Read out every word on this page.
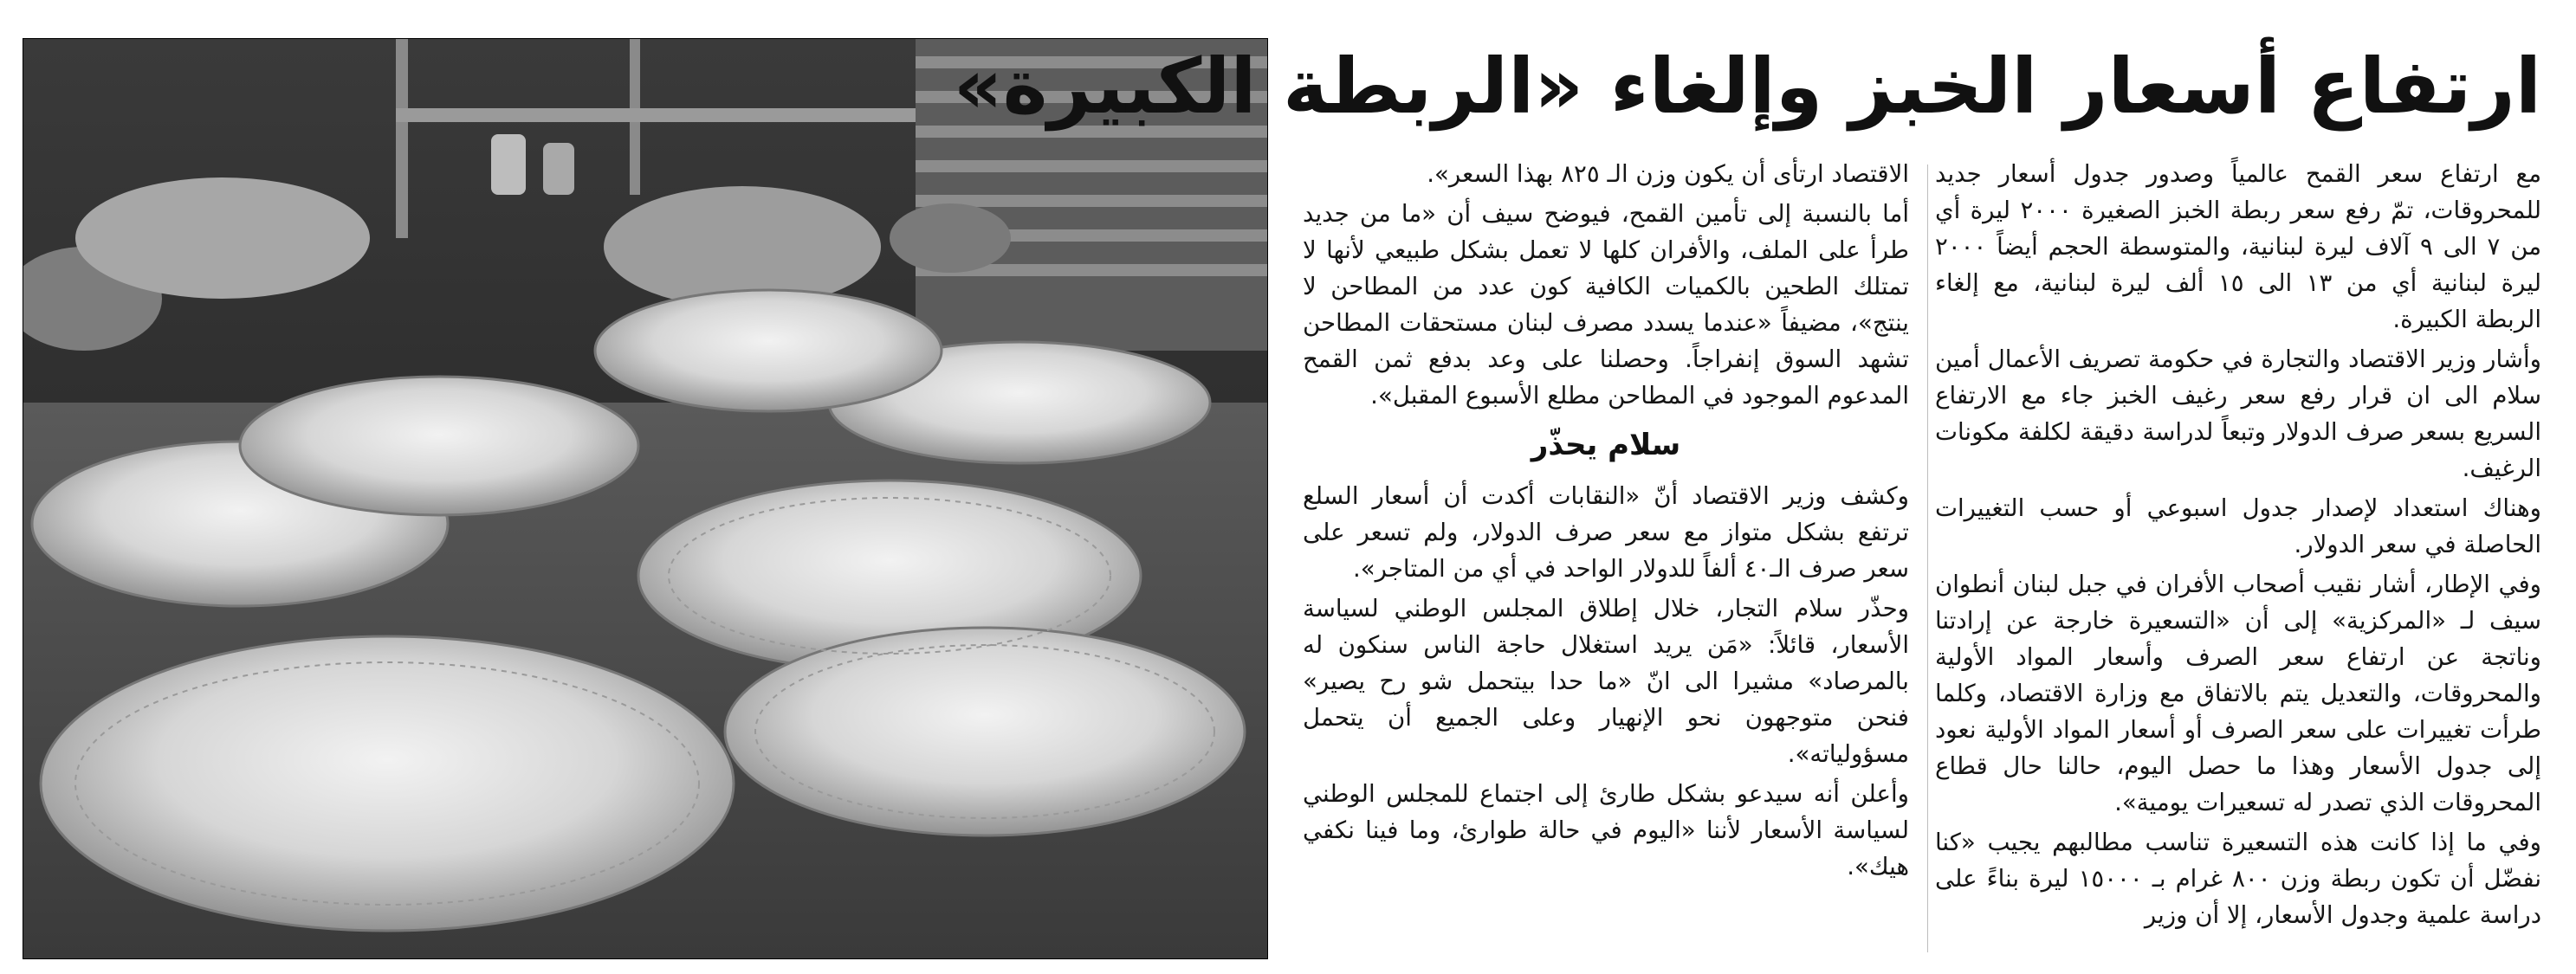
ارتفاع أسعار الخبز وإلغاء «الربطة الكبيرة»

مع ارتفاع سعر القمح عالمياً وصدور جدول أسعار جديد للمحروقات، تمّ رفع سعر ربطة الخبز الصغيرة ٢٠٠٠ ليرة أي من ٧ الى ٩ آلاف ليرة لبنانية، والمتوسطة الحجم أيضاً ٢٠٠٠ ليرة لبنانية أي من ١٣ الى ١٥ ألف ليرة لبنانية، مع إلغاء الربطة الكبيرة.

وأشار وزير الاقتصاد والتجارة في حكومة تصريف الأعمال أمين سلام الى ان قرار رفع سعر رغيف الخبز جاء مع الارتفاع السريع بسعر صرف الدولار وتبعاً لدراسة دقيقة لكلفة مكونات الرغيف.

وهناك استعداد لإصدار جدول اسبوعي أو حسب التغييرات الحاصلة في سعر الدولار.

وفي الإطار، أشار نقيب أصحاب الأفران في جبل لبنان أنطوان سيف لـ «المركزية» إلى أن «التسعيرة خارجة عن إرادتنا وناتجة عن ارتفاع سعر الصرف وأسعار المواد الأولية والمحروقات، والتعديل يتم بالاتفاق مع وزارة الاقتصاد، وكلما طرأت تغييرات على سعر الصرف أو أسعار المواد الأولية نعود إلى جدول الأسعار وهذا ما حصل اليوم، حالنا حال قطاع المحروقات الذي تصدر له تسعيرات يومية».

وفي ما إذا كانت هذه التسعيرة تناسب مطالبهم يجيب «كنا نفضّل أن تكون ربطة وزن ٨٠٠ غرام بـ ١٥٠٠٠ ليرة بناءً على دراسة علمية وجدول الأسعار، إلا أن وزير

الاقتصاد ارتأى أن يكون وزن الـ ٨٢٥ بهذا السعر».

أما بالنسبة إلى تأمين القمح، فيوضح سيف أن «ما من جديد طرأ على الملف، والأفران كلها لا تعمل بشكل طبيعي لأنها لا تمتلك الطحين بالكميات الكافية كون عدد من المطاحن لا ينتج»، مضيفاً «عندما يسدد مصرف لبنان مستحقات المطاحن تشهد السوق إنفراجاً. وحصلنا على وعد بدفع ثمن القمح المدعوم الموجود في المطاحن مطلع الأسبوع المقبل».

سلام يحذّر

وكشف وزير الاقتصاد أنّ «النقابات أكدت أن أسعار السلع ترتفع بشكل متواز مع سعر صرف الدولار، ولم تسعر على سعر صرف الـ٤٠ ألفاً للدولار الواحد في أي من المتاجر».

وحذّر سلام التجار، خلال إطلاق المجلس الوطني لسياسة الأسعار، قائلاً: «مَن يريد استغلال حاجة الناس سنكون له بالمرصاد» مشيرا الى انّ «ما حدا بيتحمل شو رح يصير» فنحن متوجهون نحو الإنهيار وعلى الجميع أن يتحمل مسؤولياته».

وأعلن أنه سيدعو بشكل طارئ إلى اجتماع للمجلس الوطني لسياسة الأسعار لأننا «اليوم في حالة طوارئ، وما فينا نكفي هيك».
